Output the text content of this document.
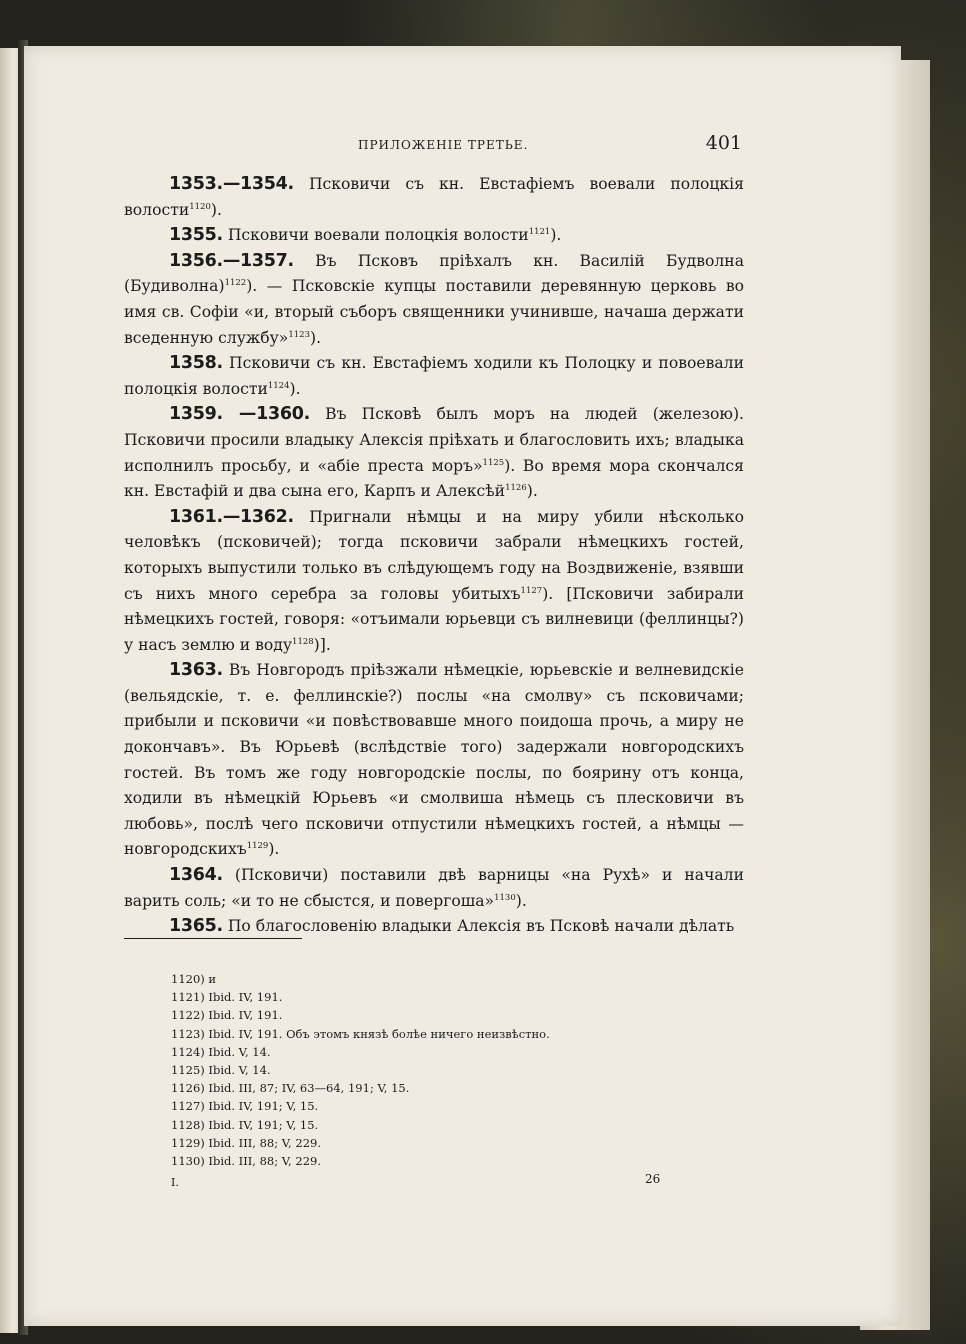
ПРИЛОЖЕНІЕ ТРЕТЬЕ.	401

1353.—1354. Псковичи съ кн. Евстафіемъ воевали полоцкія волости$^{1120}$).

1355. Псковичи воевали полоцкія волости$^{1121}$).

1356.—1357. Въ Псковъ пріѣхалъ кн. Василій Будволна (Будиволна)$^{1122}$). — Псковскіе купцы поставили деревянную церковь во имя св. Софіи «и, вторый съборъ священники учинивше, начаша держати вседенную службу»$^{1123}$).

1358. Псковичи съ кн. Евстафіемъ ходили къ Полоцку и повоевали полоцкія волости$^{1124}$).

1359. —1360. Въ Псковѣ былъ моръ на людей (железою). Псковичи просили владыку Алексія пріѣхать и благословить ихъ; владыка исполнилъ просьбу, и «абіе преста моръ»$^{1125}$). Во время мора скончался кн. Евстафій и два сына его, Карпъ и Алексѣй$^{1126}$).

1361.—1362. Пригнали нѣмцы и на миру убили нѣсколько человѣкъ (псковичей); тогда псковичи забрали нѣмецкихъ гостей, которыхъ выпустили только въ слѣдующемъ году на Воздвиженіе, взявши съ нихъ много серебра за головы убитыхъ$^{1127}$). [Псковичи забирали нѣмецкихъ гостей, говоря: «отъимали юрьевци съ вилневици (феллинцы?) у насъ землю и воду$^{1128}$)].

1363. Въ Новгородъ пріѣзжали нѣмецкіе, юрьевскіе и велневидскіе (вельядскіе, т. е. феллинскіе?) послы «на смолву» съ псковичами; прибыли и псковичи «и повѣствовавше много поидоша прочь, а миру не докончавъ». Въ Юрьевѣ (вслѣдствіе того) задержали новгородскихъ гостей. Въ томъ же году новгородскіе послы, по боярину отъ конца, ходили въ нѣмецкій Юрьевъ «и смолвиша нѣмець съ плесковичи въ любовь», послѣ чего псковичи отпустили нѣмецкихъ гостей, а нѣмцы — новгородскихъ$^{1129}$).

1364. (Псковичи) поставили двѣ варницы «на Рухѣ» и начали варить соль; «и то не сбыстся, и повергоша»$^{1130}$).

1365. По благословенію владыки Алексія въ Псковѣ начали дѣлать

1120) и
1121) Ibid. IV, 191.
1122) Ibid. IV, 191.
1123) Ibid. IV, 191. Объ этомъ князѣ болѣе ничего неизвѣстно.
1124) Ibid. V, 14.
1125) Ibid. V, 14.
1126) Ibid. III, 87; IV, 63—64, 191; V, 15.
1127) Ibid. IV, 191; V, 15.
1128) Ibid. IV, 191; V, 15.
1129) Ibid. III, 88; V, 229.
1130) Ibid. III, 88; V, 229.
I.	26
